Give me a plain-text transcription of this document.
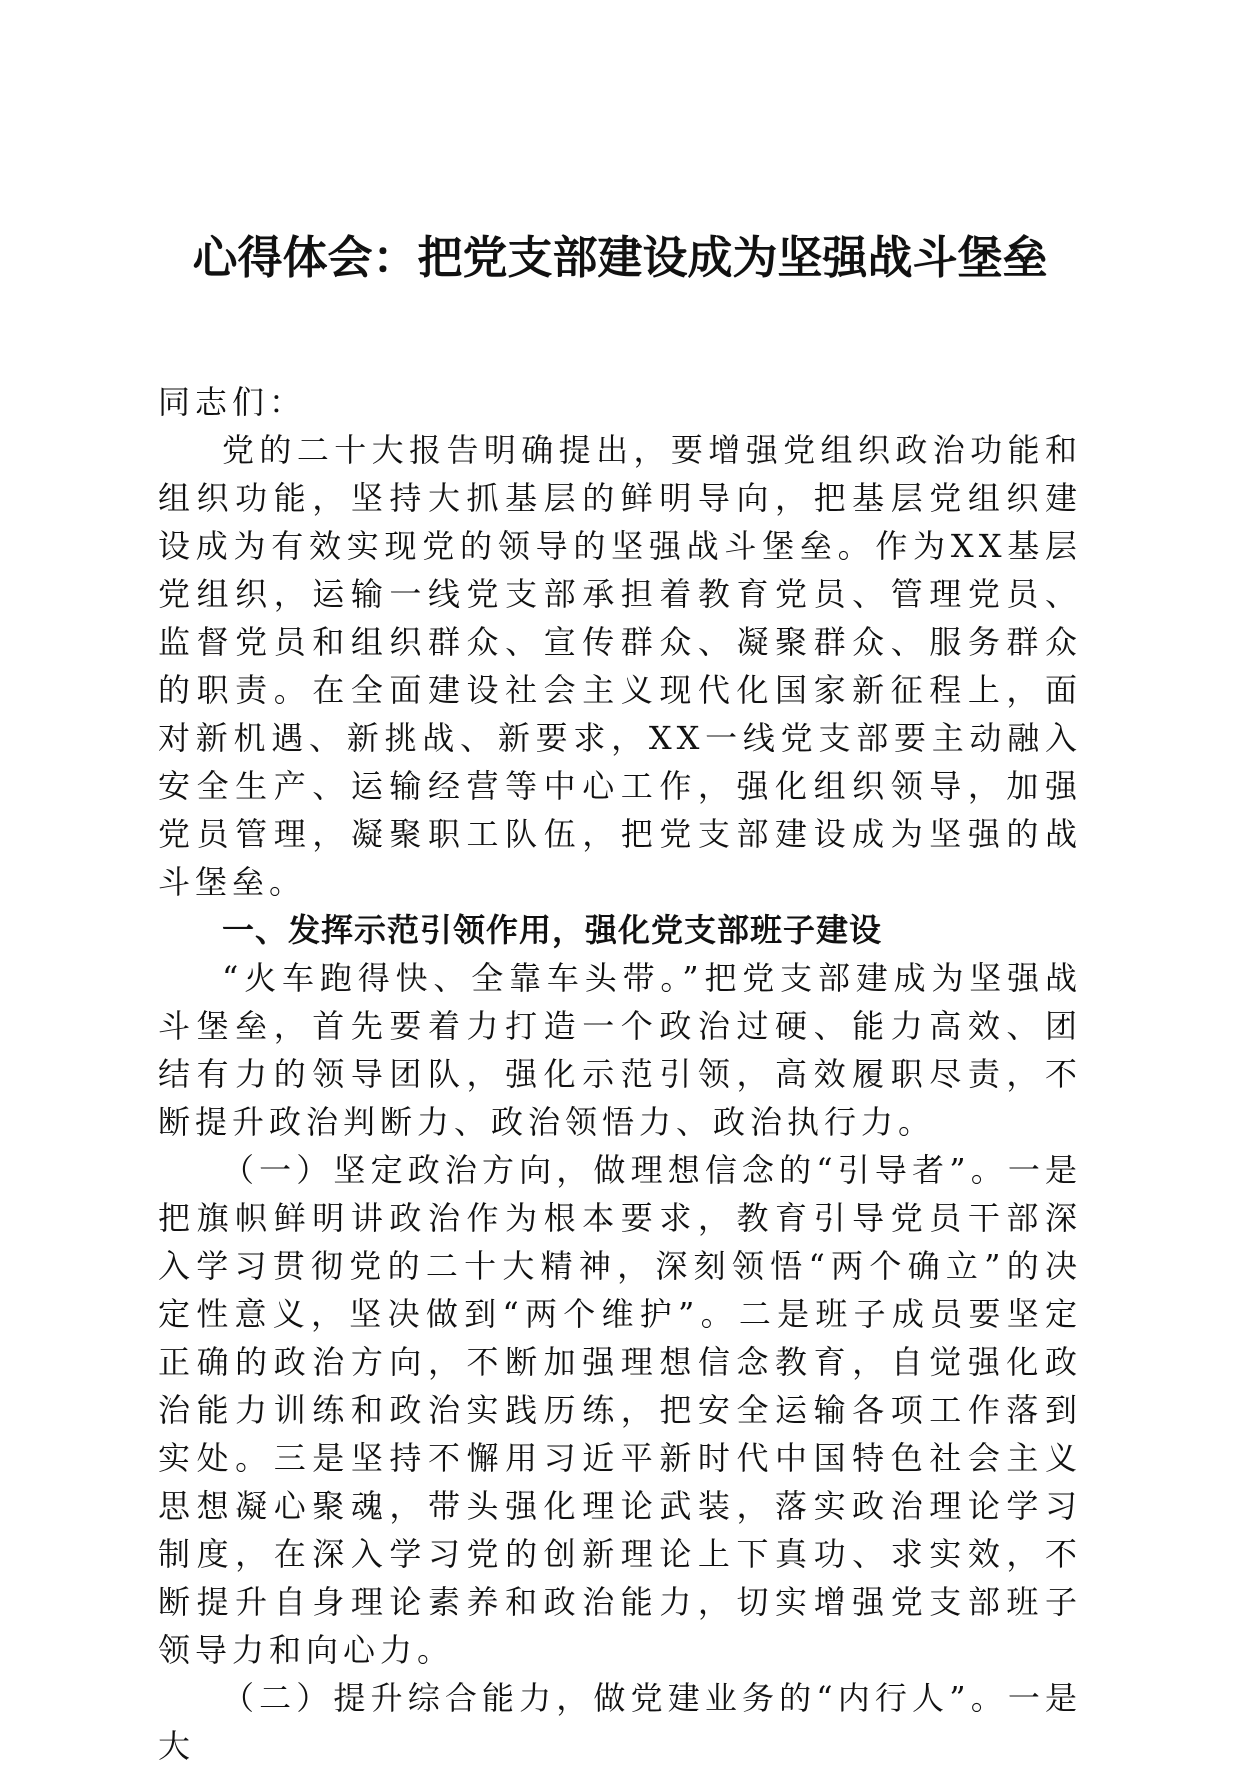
心得体会：把党支部建设成为坚强战斗堡垒

同志们：

党的二十大报告明确提出，要增强党组织政治功能和组织功能，坚持大抓基层的鲜明导向，把基层党组织建设成为有效实现党的领导的坚强战斗堡垒。作为XX基层党组织，运输一线党支部承担着教育党员、管理党员、监督党员和组织群众、宣传群众、凝聚群众、服务群众的职责。在全面建设社会主义现代化国家新征程上，面对新机遇、新挑战、新要求，XX一线党支部要主动融入安全生产、运输经营等中心工作，强化组织领导，加强党员管理，凝聚职工队伍，把党支部建设成为坚强的战斗堡垒。

一、发挥示范引领作用，强化党支部班子建设

“火车跑得快、全靠车头带。”把党支部建成为坚强战斗堡垒，首先要着力打造一个政治过硬、能力高效、团结有力的领导团队，强化示范引领，高效履职尽责，不断提升政治判断力、政治领悟力、政治执行力。

（一）坚定政治方向，做理想信念的“引导者”。一是把旗帜鲜明讲政治作为根本要求，教育引导党员干部深入学习贯彻党的二十大精神，深刻领悟“两个确立”的决定性意义，坚决做到“两个维护”。二是班子成员要坚定正确的政治方向，不断加强理想信念教育，自觉强化政治能力训练和政治实践历练，把安全运输各项工作落到实处。三是坚持不懈用习近平新时代中国特色社会主义思想凝心聚魂，带头强化理论武装，落实政治理论学习制度，在深入学习党的创新理论上下真功、求实效，不断提升自身理论素养和政治能力，切实增强党支部班子领导力和向心力。

（二）提升综合能力，做党建业务的“内行人”。一是大
